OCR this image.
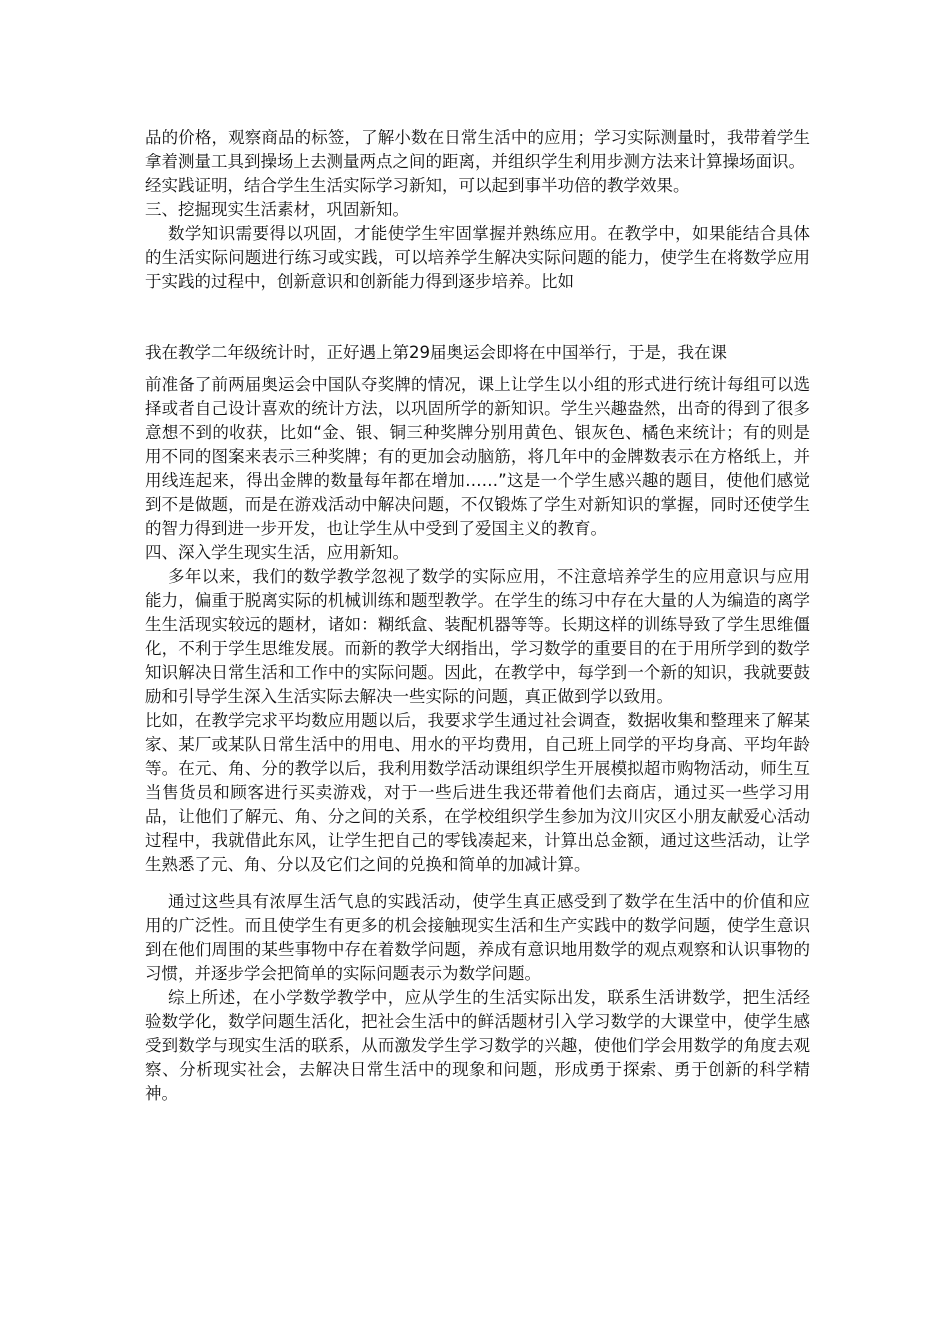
品的价格，观察商品的标签，了解小数在日常生活中的应用；学习实际测量时，我带着学生拿着测量工具到操场上去测量两点之间的距离，并组织学生利用步测方法来计算操场面识。

经实践证明，结合学生生活实际学习新知，可以起到事半功倍的教学效果。

三、挖掘现实生活素材，巩固新知。

数学知识需要得以巩固，才能使学生牢固掌握并熟练应用。在教学中，如果能结合具体的生活实际问题进行练习或实践，可以培养学生解决实际问题的能力，使学生在将数学应用于实践的过程中，创新意识和创新能力得到逐步培养。比如

我在教学二年级统计时，正好遇上第29届奥运会即将在中国举行，于是，我在课

前准备了前两届奥运会中国队夺奖牌的情况，课上让学生以小组的形式进行统计每组可以选择或者自己设计喜欢的统计方法，以巩固所学的新知识。学生兴趣盎然，出奇的得到了很多意想不到的收获，比如“金、银、铜三种奖牌分别用黄色、银灰色、橘色来统计；有的则是用不同的图案来表示三种奖牌；有的更加会动脑筋，将几年中的金牌数表示在方格纸上，并用线连起来，得出金牌的数量每年都在增加……”这是一个学生感兴趣的题目，使他们感觉到不是做题，而是在游戏活动中解决问题，不仅锻炼了学生对新知识的掌握，同时还使学生的智力得到进一步开发，也让学生从中受到了爱国主义的教育。

四、深入学生现实生活，应用新知。

多年以来，我们的数学教学忽视了数学的实际应用，不注意培养学生的应用意识与应用能力，偏重于脱离实际的机械训练和题型教学。在学生的练习中存在大量的人为编造的离学生生活现实较远的题材，诸如：糊纸盒、装配机器等等。长期这样的训练导致了学生思维僵化，不利于学生思维发展。而新的教学大纲指出，学习数学的重要目的在于用所学到的数学知识解决日常生活和工作中的实际问题。因此，在教学中，每学到一个新的知识，我就要鼓励和引导学生深入生活实际去解决一些实际的问题，真正做到学以致用。

比如，在教学完求平均数应用题以后，我要求学生通过社会调查，数据收集和整理来了解某家、某厂或某队日常生活中的用电、用水的平均费用，自己班上同学的平均身高、平均年龄等。在元、角、分的教学以后，我利用数学活动课组织学生开展模拟超市购物活动，师生互当售货员和顾客进行买卖游戏，对于一些后进生我还带着他们去商店，通过买一些学习用品，让他们了解元、角、分之间的关系，在学校组织学生参加为汶川灾区小朋友献爱心活动过程中，我就借此东风，让学生把自己的零钱凑起来，计算出总金额，通过这些活动，让学生熟悉了元、角、分以及它们之间的兑换和简单的加减计算。

通过这些具有浓厚生活气息的实践活动，使学生真正感受到了数学在生活中的价值和应用的广泛性。而且使学生有更多的机会接触现实生活和生产实践中的数学问题，使学生意识到在他们周围的某些事物中存在着数学问题，养成有意识地用数学的观点观察和认识事物的习惯，并逐步学会把简单的实际问题表示为数学问题。

综上所述，在小学数学教学中，应从学生的生活实际出发，联系生活讲数学，把生活经验数学化，数学问题生活化，把社会生活中的鲜活题材引入学习数学的大课堂中，使学生感受到数学与现实生活的联系，从而激发学生学习数学的兴趣，使他们学会用数学的角度去观察、分析现实社会，去解决日常生活中的现象和问题，形成勇于探索、勇于创新的科学精神。
